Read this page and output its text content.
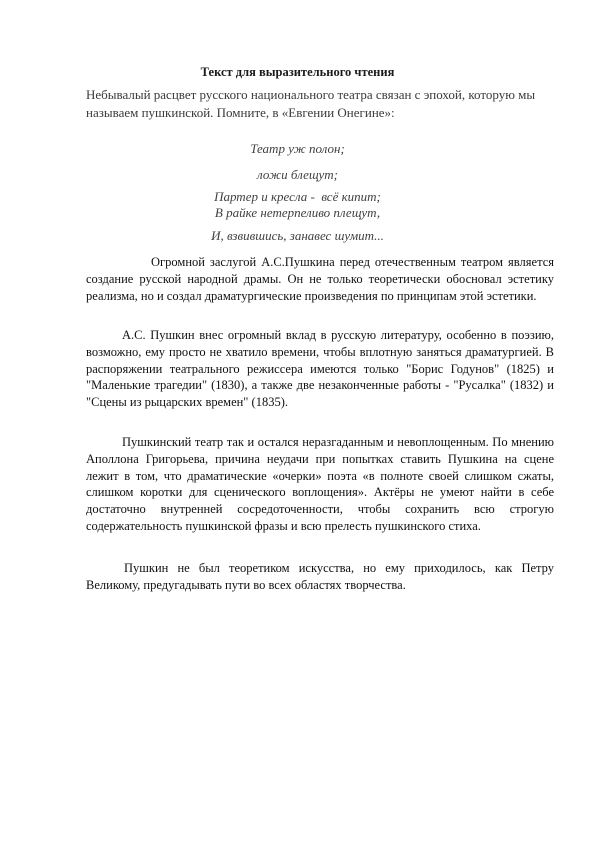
Текст для выразительного чтения
Небывалый расцвет русского национального театра связан с эпохой, которую мы называем пушкинской. Помните, в «Евгении Онегине»:
Театр уж полон;
ложи блещут;
Партер и кресла -  всё кипит;
В райке нетерпеливо плещут,
И, взвившись, занавес шумит...

Огромной заслугой А.С.Пушкина перед отечественным театром является создание русской народной драмы. Он не только теоретически обосновал эстетику реализма, но и создал драматургические произведения по принципам этой эстетики.

А.С. Пушкин внес огромный вклад в русскую литературу, особенно в поэзию, возможно, ему просто не хватило времени, чтобы вплотную заняться драматургией. В распоряжении театрального режиссера имеются только "Борис Годунов" (1825) и "Маленькие трагедии" (1830), а также две незаконченные работы - "Русалка" (1832) и "Сцены из рыцарских времен" (1835).

Пушкинский театр так и остался неразгаданным и невоплощенным. По мнению Аполлона Григорьева, причина неудачи при попытках ставить Пушкина на сцене лежит в том, что драматические «очерки» поэта «в полноте своей слишком сжаты, слишком коротки для сценического воплощения». Актёры не умеют найти в себе достаточно внутренней сосредоточенности, чтобы сохранить всю строгую содержательность пушкинской фразы и всю прелесть пушкинского стиха.

Пушкин не был теоретиком искусства, но ему приходилось, как Петру Великому, предугадывать пути во всех областях творчества.
